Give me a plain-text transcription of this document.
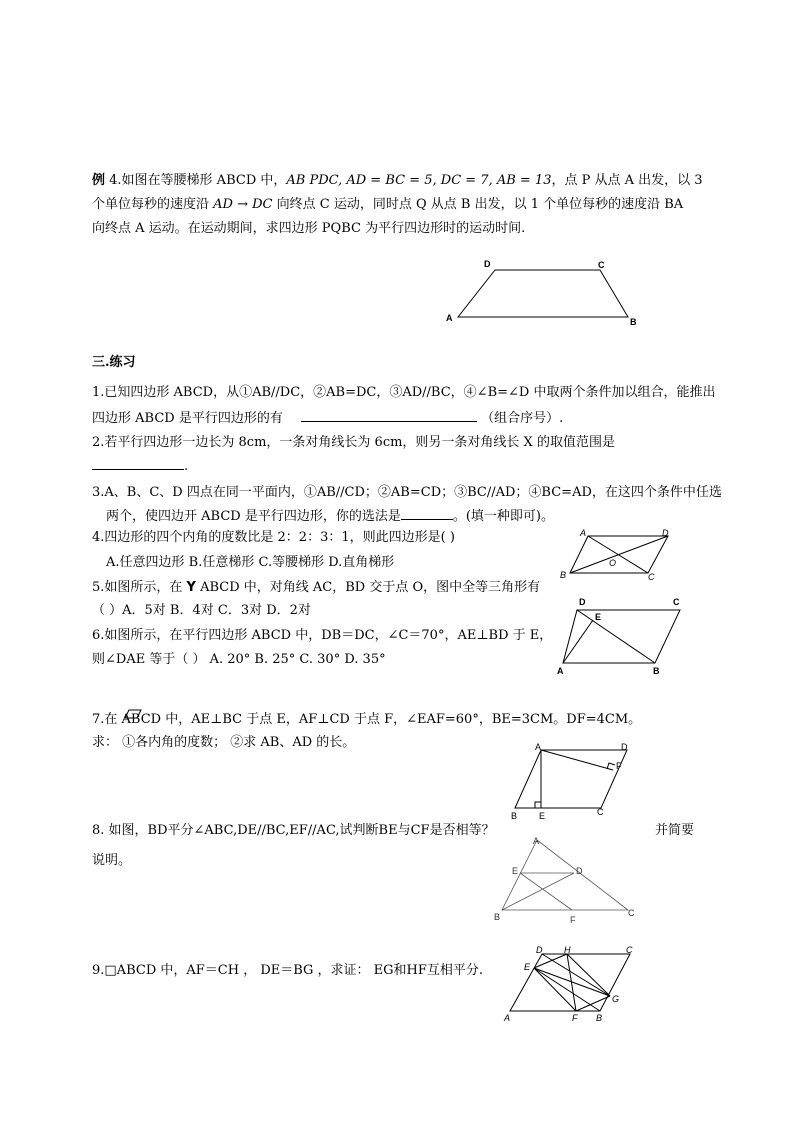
例 4.如图在等腰梯形 ABCD 中，AB PDC, AD = BC = 5, DC = 7, AB = 13，点 P 从点 A 出发，以 3
个单位每秒的速度沿 AD → DC 向终点 C 运动，同时点 Q 从点 B 出发，以 1 个单位每秒的速度沿 BA
向终点 A 运动。在运动期间，求四边形 PQBC 为平行四边形时的运动时间.
D	C
A	B
三.练习
1.已知四边形 ABCD，从①AB//DC，②AB=DC，③AD//BC，④∠B=∠D 中取两个条件加以组合，能推出
四边形 ABCD 是平行四边形的有	（组合序号）.
2.若平行四边形一边长为 8cm，一条对角线长为 6cm，则另一条对角线长 X 的取值范围是
.
3.A、B、C、D 四点在同一平面内，①AB//CD；②AB=CD；③BC//AD；④BC=AD，在这四个条件中任选
两个，使四边开 ABCD 是平行四边形，你的选法是	。(填一种即可)。
4.四边形的四个内角的度数比是 2：2：3：1，则此四边形是( )
A.任意四边形 B.任意梯形 C.等腰梯形 D.直角梯形
A	D
O
B	C
5.如图所示，在 Y ABCD 中，对角线 AC，BD 交于点 O，图中全等三角形有
（ ）A．5对 B．4对 C．3对 D．2对
6.如图所示，在平行四边形 ABCD 中，DB＝DC，∠C＝70°，AE⊥BD 于 E，
则∠DAE 等于（ ） A. 20° B. 25° C. 30° D. 35°
D
E
C
A	B
7.在 ABCD 中，AE⊥BC 于点 E，AF⊥CD 于点 F，∠EAF=60°，BE=3CM。DF=4CM。
求： ①各内角的度数； ②求 AB、AD 的长。	A	D
F
B E	C
8. 如图，BD平分∠ABC,DE//BC,EF//AC,试判断BE与CF是否相等？	并简要
说明。
A
E	D
B	F
C
9.□ABCD 中，AF＝CH ， DE＝BG ，求证： EG和HF互相平分.
D H	C
E
G
A	F B
